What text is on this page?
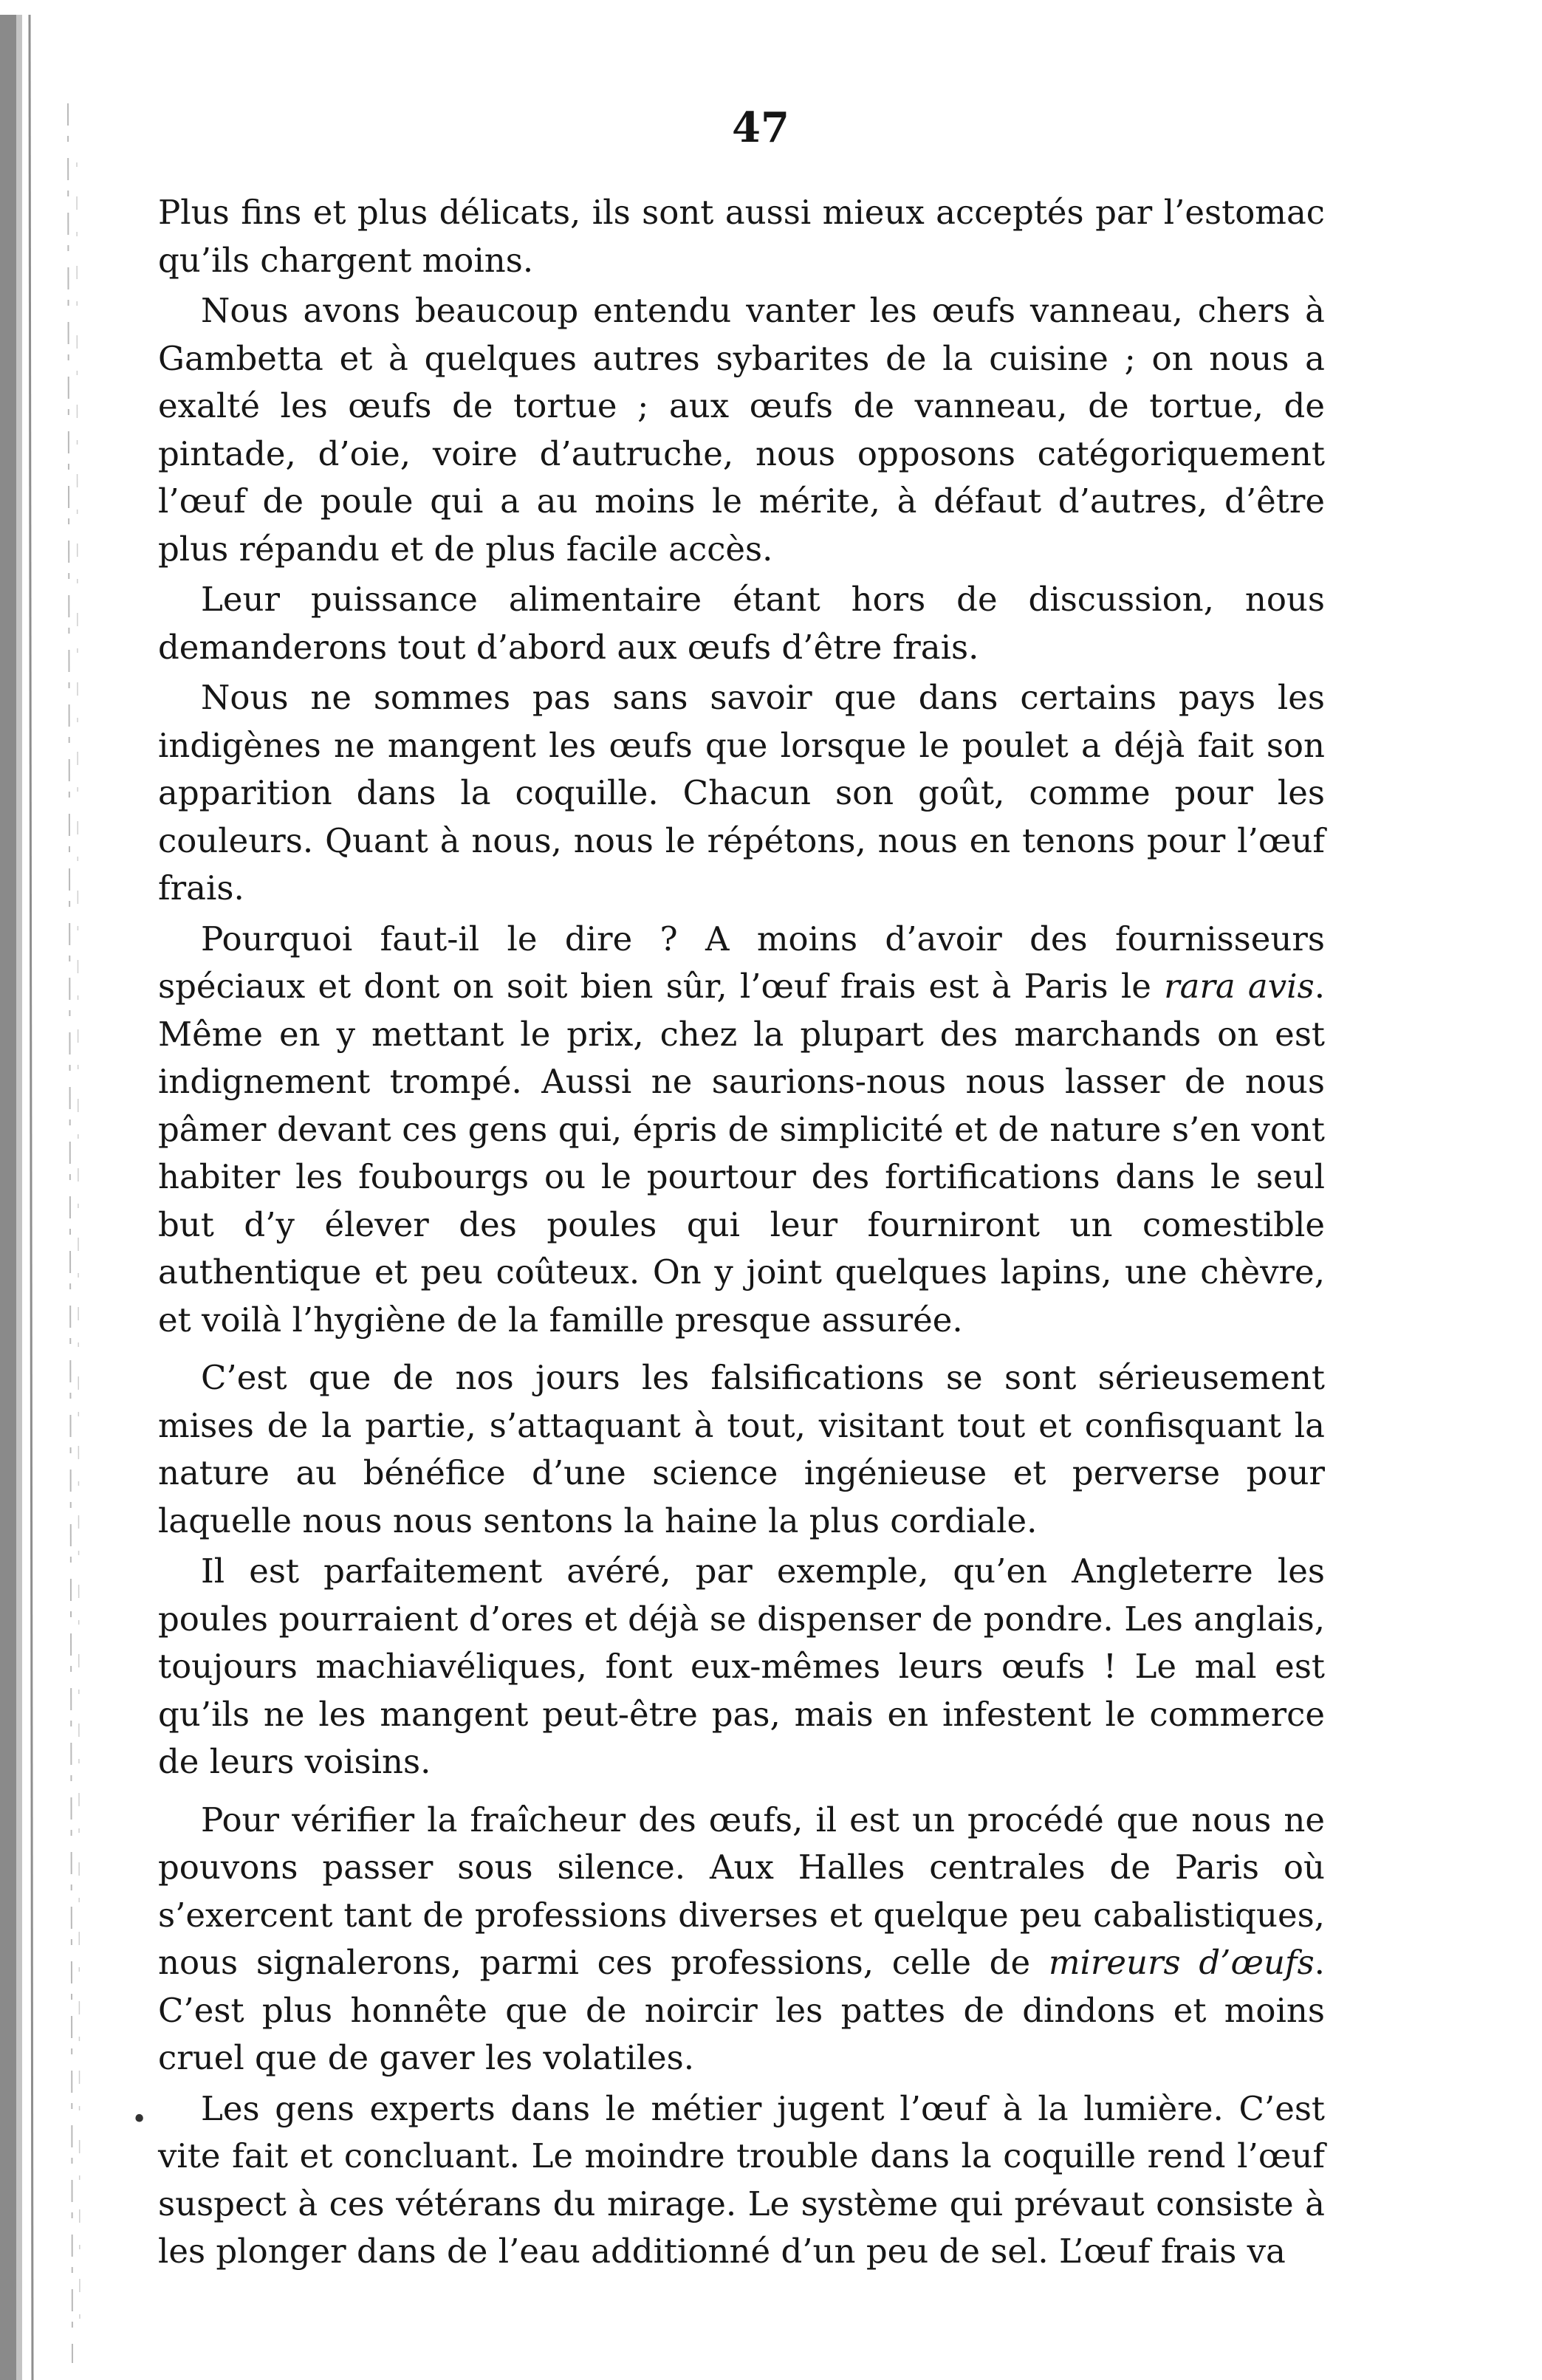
47

Plus fins et plus délicats, ils sont aussi mieux acceptés par l’estomac qu’ils chargent moins.

Nous avons beaucoup entendu vanter les œufs vanneau, chers à Gambetta et à quelques autres sybarites de la cuisine ; on nous a exalté les œufs de tortue ; aux œufs de vanneau, de tortue, de pintade, d’oie, voire d’autruche, nous opposons catégoriquement l’œuf de poule qui a au moins le mérite, à défaut d’autres, d’être plus répandu et de plus facile accès.

Leur puissance alimentaire étant hors de discussion, nous demanderons tout d’abord aux œufs d’être frais.

Nous ne sommes pas sans savoir que dans certains pays les indigènes ne mangent les œufs que lorsque le poulet a déjà fait son apparition dans la coquille. Chacun son goût, comme pour les couleurs. Quant à nous, nous le répétons, nous en tenons pour l’œuf frais.

Pourquoi faut-il le dire ? A moins d’avoir des fournisseurs spéciaux et dont on soit bien sûr, l’œuf frais est à Paris le rara avis. Même en y mettant le prix, chez la plupart des marchands on est indignement trompé. Aussi ne saurions-nous nous lasser de nous pâmer devant ces gens qui, épris de simplicité et de nature s’en vont habiter les foubourgs ou le pourtour des fortifications dans le seul but d’y élever des poules qui leur fourniront un comestible authentique et peu coûteux. On y joint quelques lapins, une chèvre, et voilà l’hygiène de la famille presque assurée.

C’est que de nos jours les falsifications se sont sérieusement mises de la partie, s’attaquant à tout, visitant tout et confisquant la nature au bénéfice d’une science ingénieuse et perverse pour laquelle nous nous sentons la haine la plus cordiale.

Il est parfaitement avéré, par exemple, qu’en Angleterre les poules pourraient d’ores et déjà se dispenser de pondre. Les anglais, toujours machiavéliques, font eux-mêmes leurs œufs ! Le mal est qu’ils ne les mangent peut-être pas, mais en infestent le commerce de leurs voisins.

Pour vérifier la fraîcheur des œufs, il est un procédé que nous ne pouvons passer sous silence. Aux Halles centrales de Paris où s’exercent tant de professions diverses et quelque peu cabalistiques, nous signalerons, parmi ces professions, celle de mireurs d’œufs. C’est plus honnête que de noircir les pattes de dindons et moins cruel que de gaver les volatiles.

Les gens experts dans le métier jugent l’œuf à la lumière. C’est vite fait et concluant. Le moindre trouble dans la coquille rend l’œuf suspect à ces vétérans du mirage. Le système qui prévaut consiste à les plonger dans de l’eau additionné d’un peu de sel. L’œuf frais va

•
